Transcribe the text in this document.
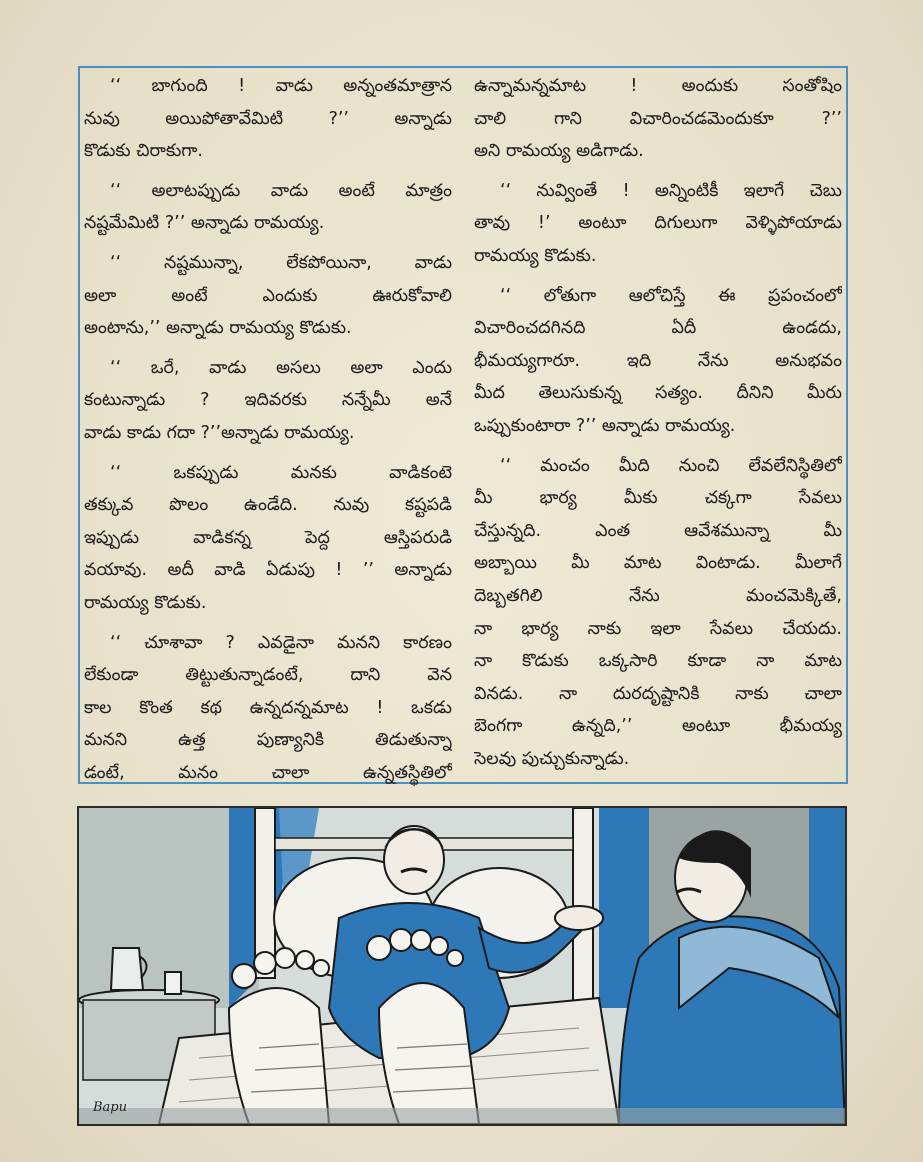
‘‘ బాగుంది ! వాడు అన్నంతమాత్రాన
నువు అయిపోతావేమిటి ?’’ అన్నాడు
కొడుకు చిరాకుగా.
‘‘ అలాటప్పుడు వాడు అంటే మాత్రం
నష్టమేమిటి ?’’ అన్నాడు రామయ్య.
‘‘ నష్టమున్నా, లేకపోయినా, వాడు
అలా అంటే ఎందుకు ఊరుకోవాలి
అంటాను,’’ అన్నాడు రామయ్య కొడుకు.
‘‘ ఒరే, వాడు అసలు అలా ఎందు
కంటున్నాడు ? ఇదివరకు నన్నేమీ అనే
వాడు కాడు గదా ?’’అన్నాడు రామయ్య.
‘‘ ఒకప్పుడు మనకు వాడికంటె
తక్కువ పొలం ఉండేది. నువు కష్టపడి
ఇప్పుడు వాడికన్న పెద్ద ఆస్తిపరుడి
వయావు. అదీ వాడి ఏడుపు ! ’’ అన్నాడు
రామయ్య కొడుకు.
‘‘ చూశావా ? ఎవడైనా మనని కారణం
లేకుండా తిట్టుతున్నాడంటే, దాని వెన
కాల కొంత కథ ఉన్నదన్నమాట ! ఒకడు
మనని ఉత్త పుణ్యానికి తిడుతున్నా
డంటే, మనం చాలా ఉన్నతస్థితిలో
ఉన్నామన్నమాట ! అందుకు సంతోషిం
చాలి గాని విచారించడమెందుకూ ?’’
అని రామయ్య అడిగాడు.
‘‘ నువ్వింతే ! అన్నింటికీ ఇలాగే చెబు
తావు !’ అంటూ దిగులుగా వెళ్ళిపోయాడు
రామయ్య కొడుకు.
‘‘ లోతుగా ఆలోచిస్తే ఈ ప్రపంచంలో
విచారించదగినది ఏదీ ఉండదు,
భీమయ్యగారూ. ఇది నేను అనుభవం
మీద తెలుసుకున్న సత్యం. దీనిని మీరు
ఒప్పుకుంటారా ?’’ అన్నాడు రామయ్య.
‘‘ మంచం మీది నుంచి లేవలేనిస్థితిలో
మీ భార్య మీకు చక్కగా సేవలు
చేస్తున్నది. ఎంత ఆవేశమున్నా మీ
అబ్బాయి మీ మాట వింటాడు. మీలాగే
దెబ్బతగిలి నేను మంచమెక్కితే,
నా భార్య నాకు ఇలా సేవలు చేయదు.
నా కొడుకు ఒక్కసారి కూడా నా మాట
వినడు. నా దురదృష్టానికి నాకు చాలా
బెంగగా ఉన్నది,’’ అంటూ భీమయ్య
సెలవు పుచ్చుకున్నాడు.
Bapu
